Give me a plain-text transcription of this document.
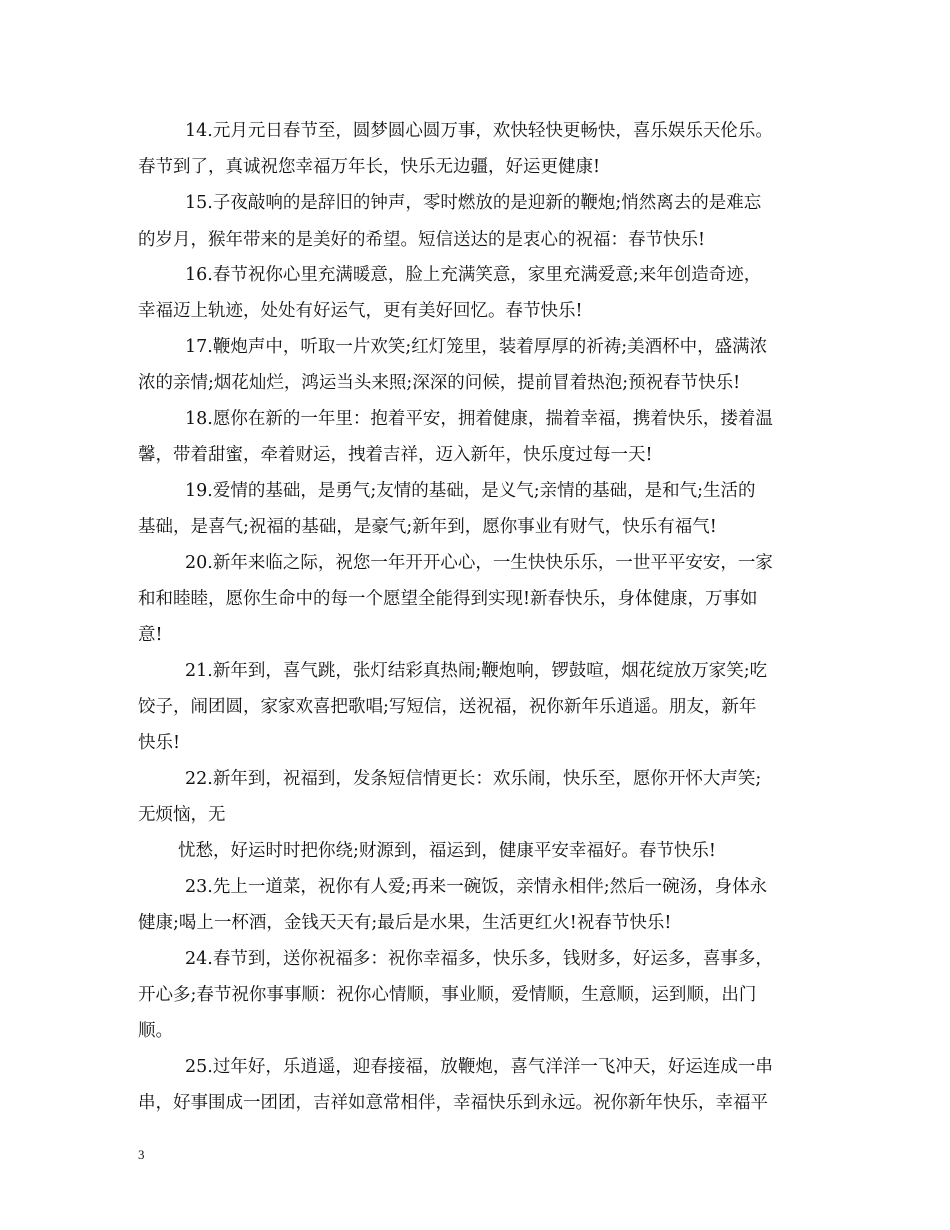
14.元月元日春节至，圆梦圆心圆万事，欢快轻快更畅快，喜乐娱乐天伦乐。
春节到了，真诚祝您幸福万年长，快乐无边疆，好运更健康!
15.子夜敲响的是辞旧的钟声，零时燃放的是迎新的鞭炮;悄然离去的是难忘
的岁月，猴年带来的是美好的希望。短信送达的是衷心的祝福：春节快乐!
16.春节祝你心里充满暖意，脸上充满笑意，家里充满爱意;来年创造奇迹，
幸福迈上轨迹，处处有好运气，更有美好回忆。春节快乐!
17.鞭炮声中，听取一片欢笑;红灯笼里，装着厚厚的祈祷;美酒杯中，盛满浓
浓的亲情;烟花灿烂，鸿运当头来照;深深的问候，提前冒着热泡;预祝春节快乐!
18.愿你在新的一年里：抱着平安，拥着健康，揣着幸福，携着快乐，搂着温
馨，带着甜蜜，牵着财运，拽着吉祥，迈入新年，快乐度过每一天!
19.爱情的基础，是勇气;友情的基础，是义气;亲情的基础，是和气;生活的
基础，是喜气;祝福的基础，是豪气;新年到，愿你事业有财气，快乐有福气!
20.新年来临之际，祝您一年开开心心，一生快快乐乐，一世平平安安，一家
和和睦睦，愿你生命中的每一个愿望全能得到实现!新春快乐，身体健康，万事如
意!
21.新年到，喜气跳，张灯结彩真热闹;鞭炮响，锣鼓喧，烟花绽放万家笑;吃
饺子，闹团圆，家家欢喜把歌唱;写短信，送祝福，祝你新年乐逍遥。朋友，新年
快乐!
22.新年到，祝福到，发条短信情更长：欢乐闹，快乐至，愿你开怀大声笑;
无烦恼，无
忧愁，好运时时把你绕;财源到，福运到，健康平安幸福好。春节快乐!
23.先上一道菜，祝你有人爱;再来一碗饭，亲情永相伴;然后一碗汤，身体永
健康;喝上一杯酒，金钱天天有;最后是水果，生活更红火!祝春节快乐!
24.春节到，送你祝福多：祝你幸福多，快乐多，钱财多，好运多，喜事多，
开心多;春节祝你事事顺：祝你心情顺，事业顺，爱情顺，生意顺，运到顺，出门
顺。
25.过年好，乐逍遥，迎春接福，放鞭炮，喜气洋洋一飞冲天，好运连成一串
串，好事围成一团团，吉祥如意常相伴，幸福快乐到永远。祝你新年快乐，幸福平
3
